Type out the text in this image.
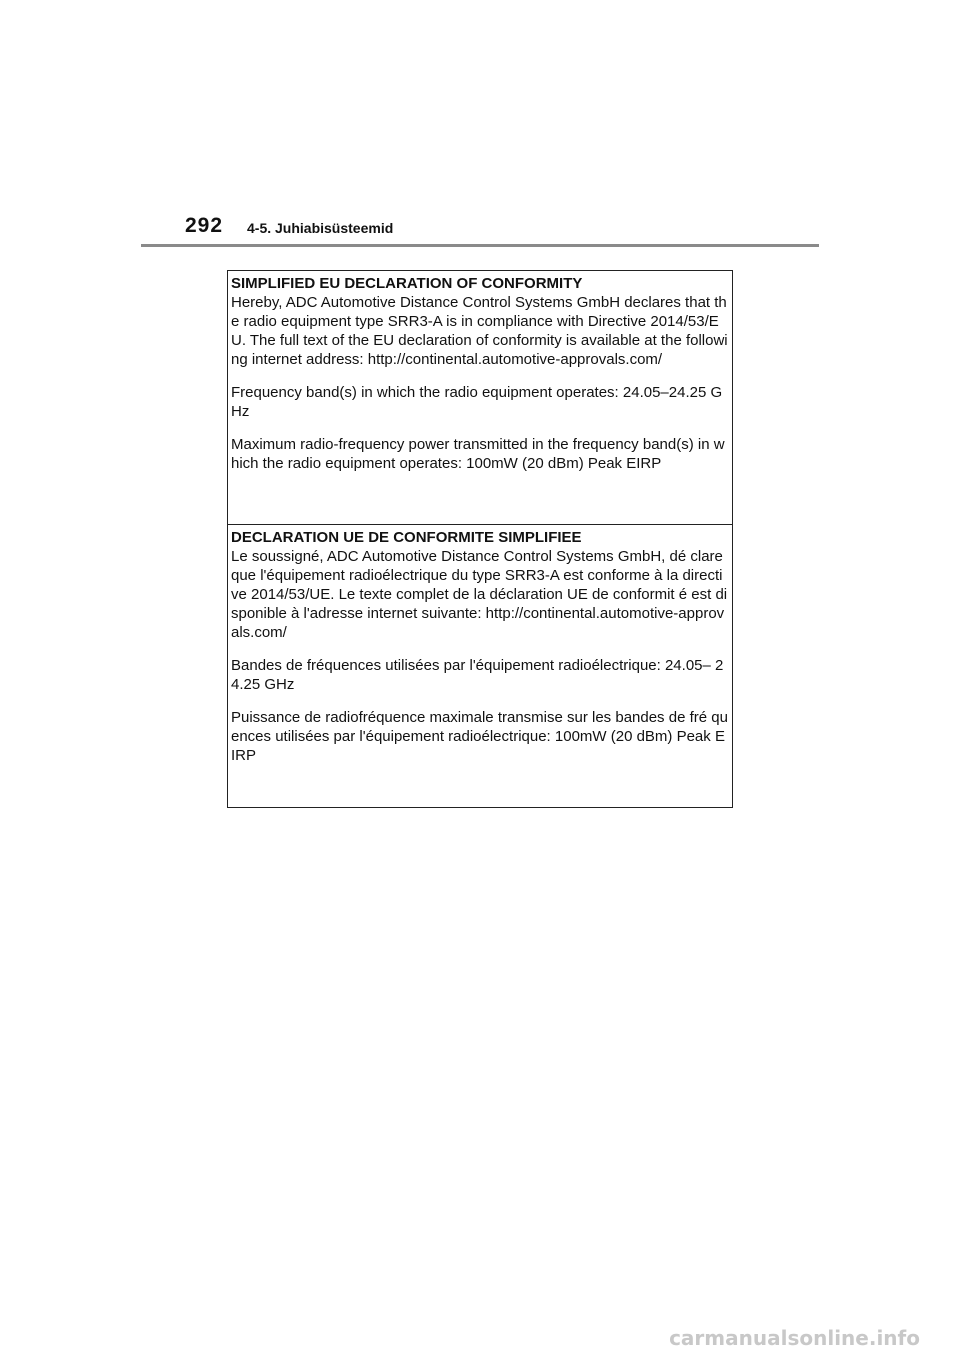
292 4-5. Juhiabisüsteemid

SIMPLIFIED EU DECLARATION OF CONFORMITY

Hereby, ADC Automotive Distance Control Systems GmbH declares that the radio equipment type SRR3-A is in compliance with Directive 2014/53/EU. The full text of the EU declaration of conformity is available at the following internet address: http://continental.automotive-approvals.com/

Frequency band(s) in which the radio equipment operates: 24.05–24.25 GHz

Maximum radio-frequency power transmitted in the frequency band(s) in which the radio equipment operates: 100mW (20 dBm) Peak EIRP

DECLARATION UE DE CONFORMITE SIMPLIFIEE

Le soussigné, ADC Automotive Distance Control Systems GmbH, dé clare que l'équipement radioélectrique du type SRR3-A est conforme à la directive 2014/53/UE. Le texte complet de la déclaration UE de conformit é est disponible à l'adresse internet suivante: http://continental.automotive-approvals.com/

Bandes de fréquences utilisées par l'équipement radioélectrique: 24.05– 24.25 GHz

Puissance de radiofréquence maximale transmise sur les bandes de fré quences utilisées par l'équipement radioélectrique: 100mW (20 dBm) Peak EIRP

carmanualsonline.info
